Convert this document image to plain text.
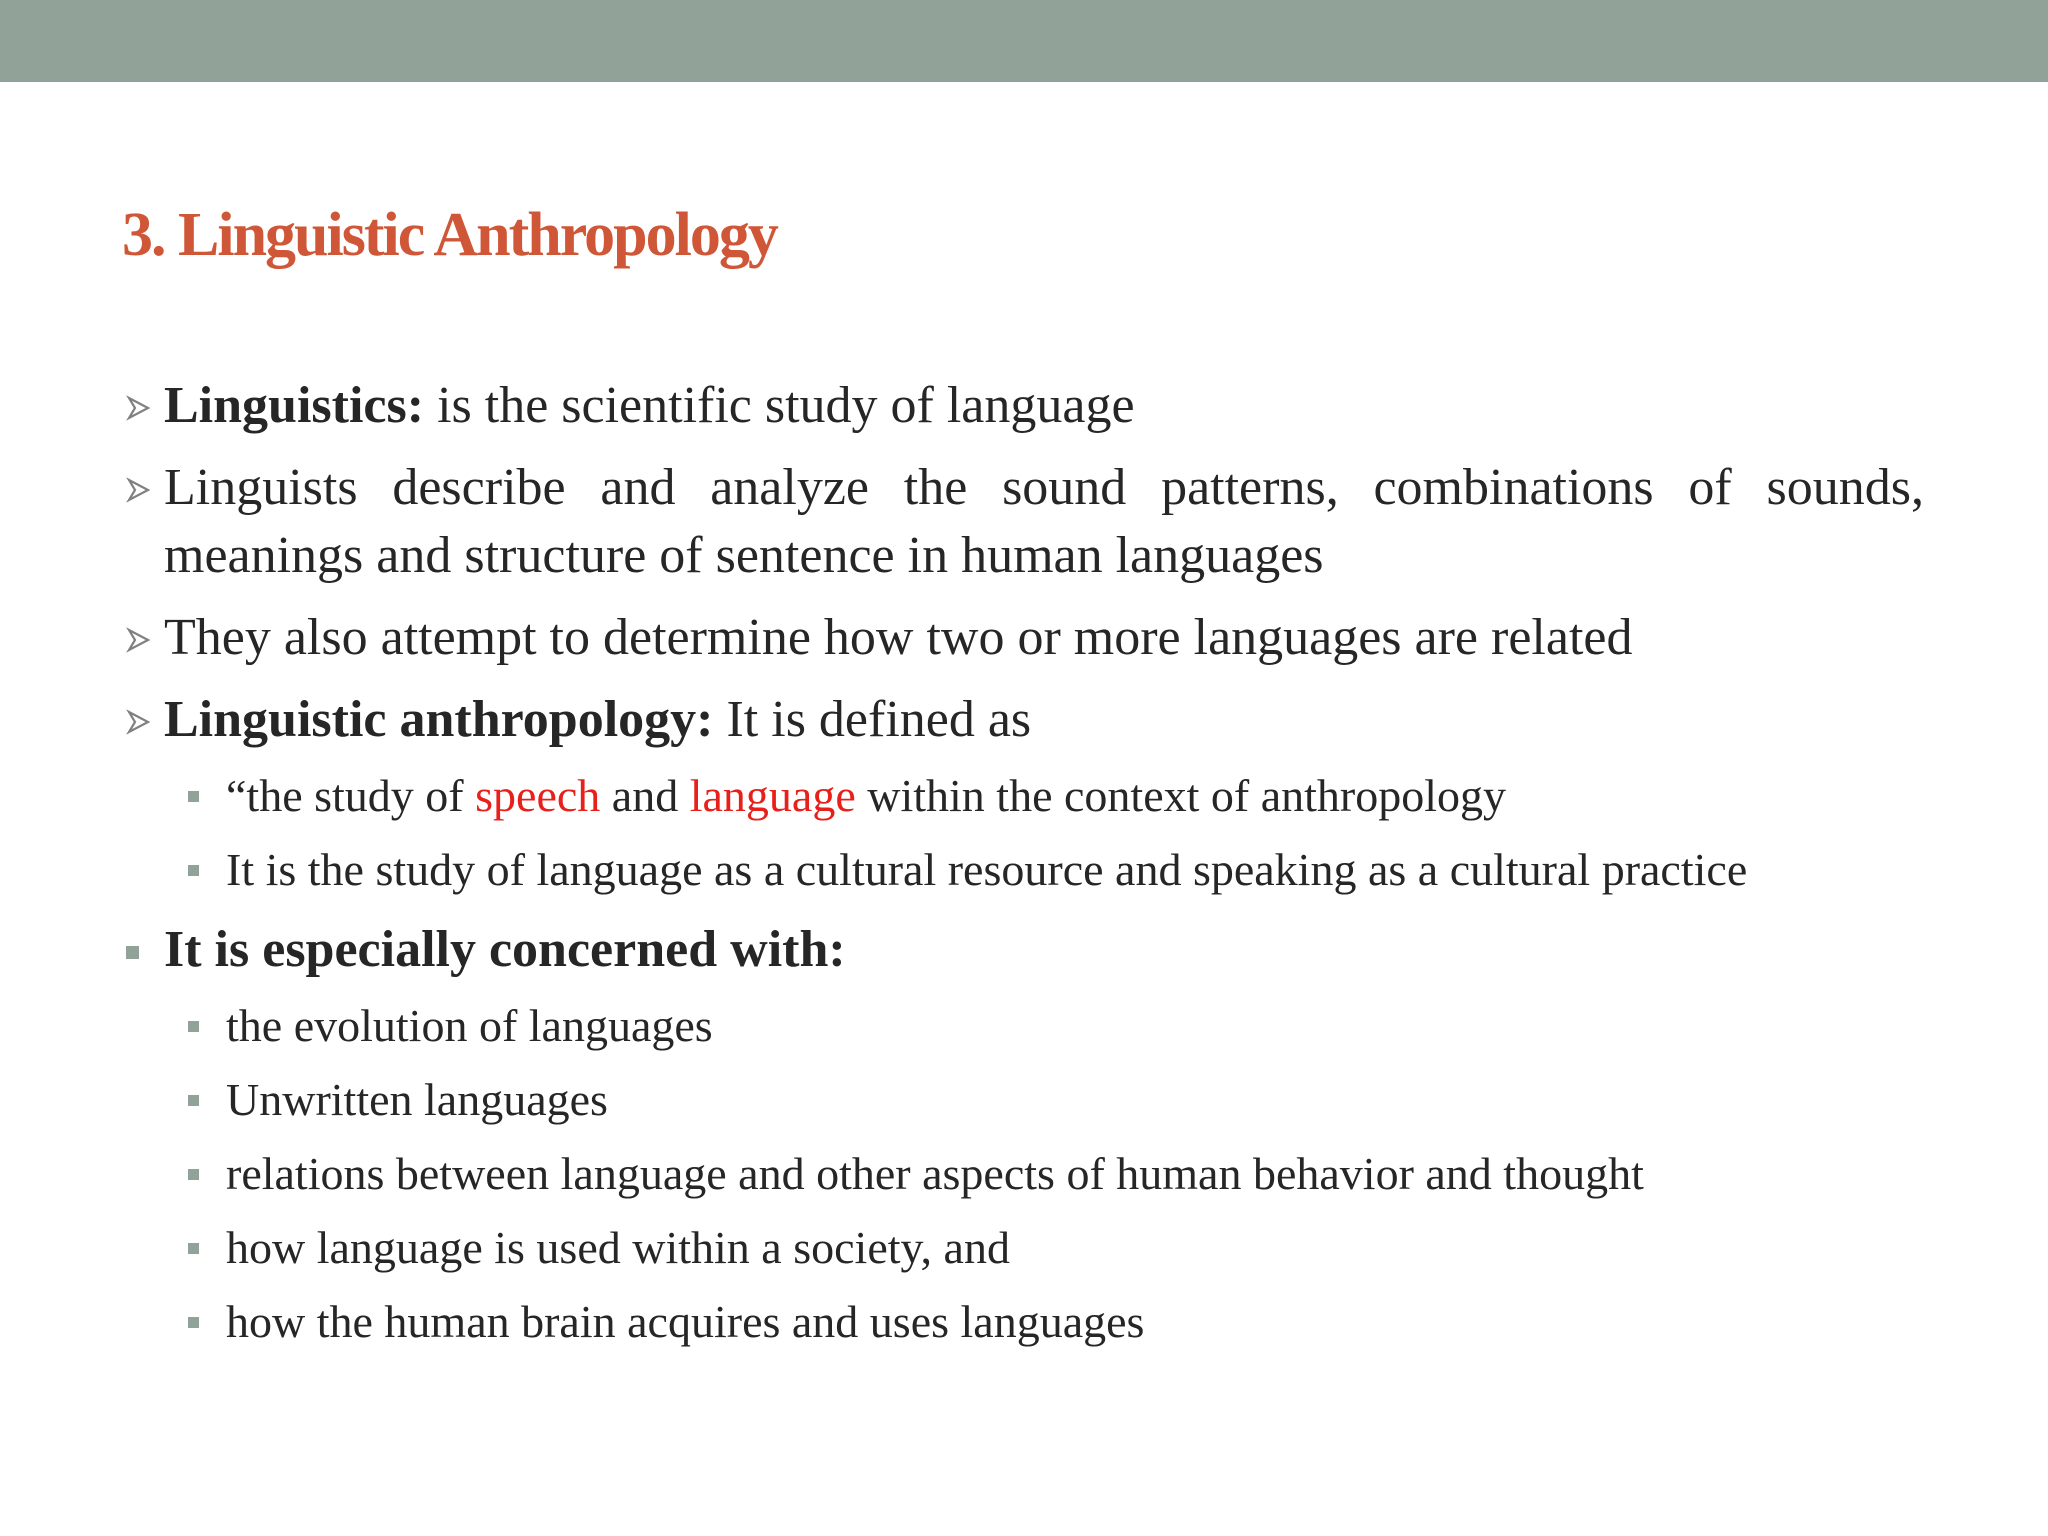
3. Linguistic Anthropology
Linguistics: is the scientific study of language
Linguists describe and analyze the sound patterns, combinations of sounds,
meanings and structure of sentence in human languages
They also attempt to determine how two or more languages are related
Linguistic anthropology: It is defined as
“the study of speech and language within the context of anthropology
It is the study of language as a cultural resource and speaking as a cultural practice
It is especially concerned with:
the evolution of languages
Unwritten languages
relations between language and other aspects of human behavior and thought
how language is used within a society, and
how the human brain acquires and uses languages
